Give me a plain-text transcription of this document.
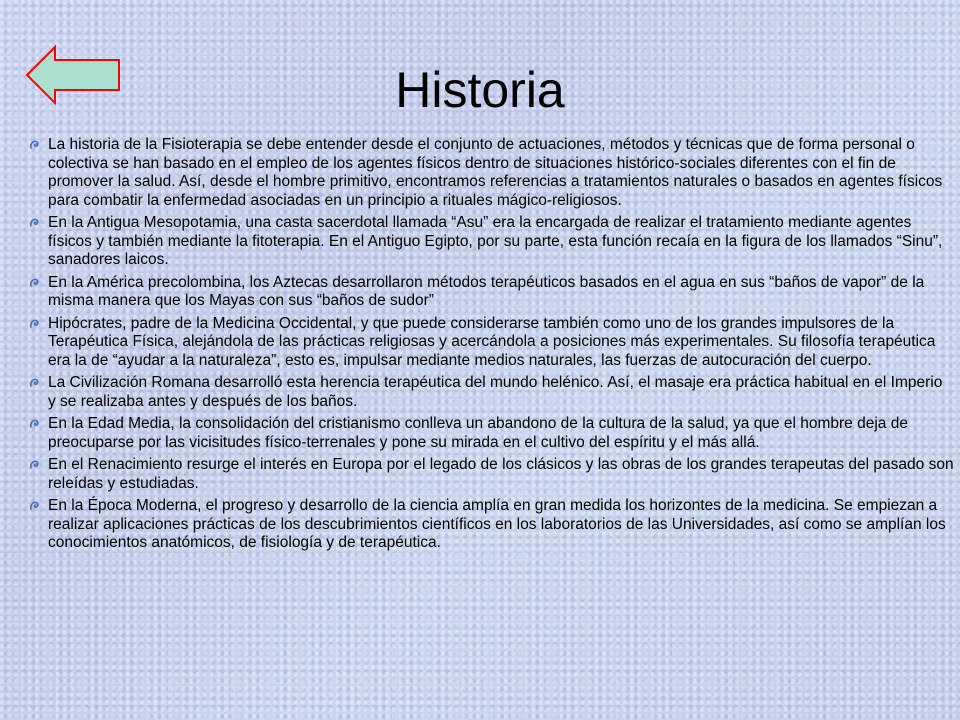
Historia
La historia de la Fisioterapia se debe entender desde el conjunto de actuaciones, métodos y técnicas que de forma personal o colectiva se han basado en el empleo de los agentes físicos dentro de situaciones histórico-sociales diferentes con el fin de promover la salud. Así, desde el hombre primitivo, encontramos referencias a tratamientos naturales o basados en agentes físicos para combatir la enfermedad asociadas en un principio a rituales mágico-religiosos.
En la Antigua Mesopotamia, una casta sacerdotal llamada “Asu” era la encargada de realizar el tratamiento mediante agentes físicos y también mediante la fitoterapia. En el Antiguo Egipto, por su parte, esta función recaía en la figura de los llamados “Sinu”, sanadores laicos.
En la América precolombina, los Aztecas desarrollaron métodos terapéuticos basados en el agua en sus “baños de vapor” de la misma manera que los Mayas con sus “baños de sudor”
Hipócrates, padre de la Medicina Occidental, y que puede considerarse también como uno de los grandes impulsores de la Terapéutica Física, alejándola de las prácticas religiosas y acercándola a posiciones más experimentales. Su filosofía terapéutica era la de “ayudar a la naturaleza”, esto es, impulsar mediante medios naturales, las fuerzas de autocuración del cuerpo.
La Civilización Romana desarrolló esta herencia terapéutica del mundo helénico. Así, el masaje era práctica habitual en el Imperio y se realizaba antes y después de los baños.
En la Edad Media, la consolidación del cristianismo conlleva un abandono de la cultura de la salud, ya que el hombre deja de preocuparse por las vicisitudes físico-terrenales y pone su mirada en el cultivo del espíritu y el más allá.
En el Renacimiento resurge el interés en Europa por el legado de los clásicos y las obras de los grandes terapeutas del pasado son releídas y estudiadas.
En la Época Moderna, el progreso y desarrollo de la ciencia amplía en gran medida los horizontes de la medicina. Se empiezan a realizar aplicaciones prácticas de los descubrimientos científicos en los laboratorios de las Universidades, así como se amplían los conocimientos anatómicos, de fisiología y de terapéutica.
